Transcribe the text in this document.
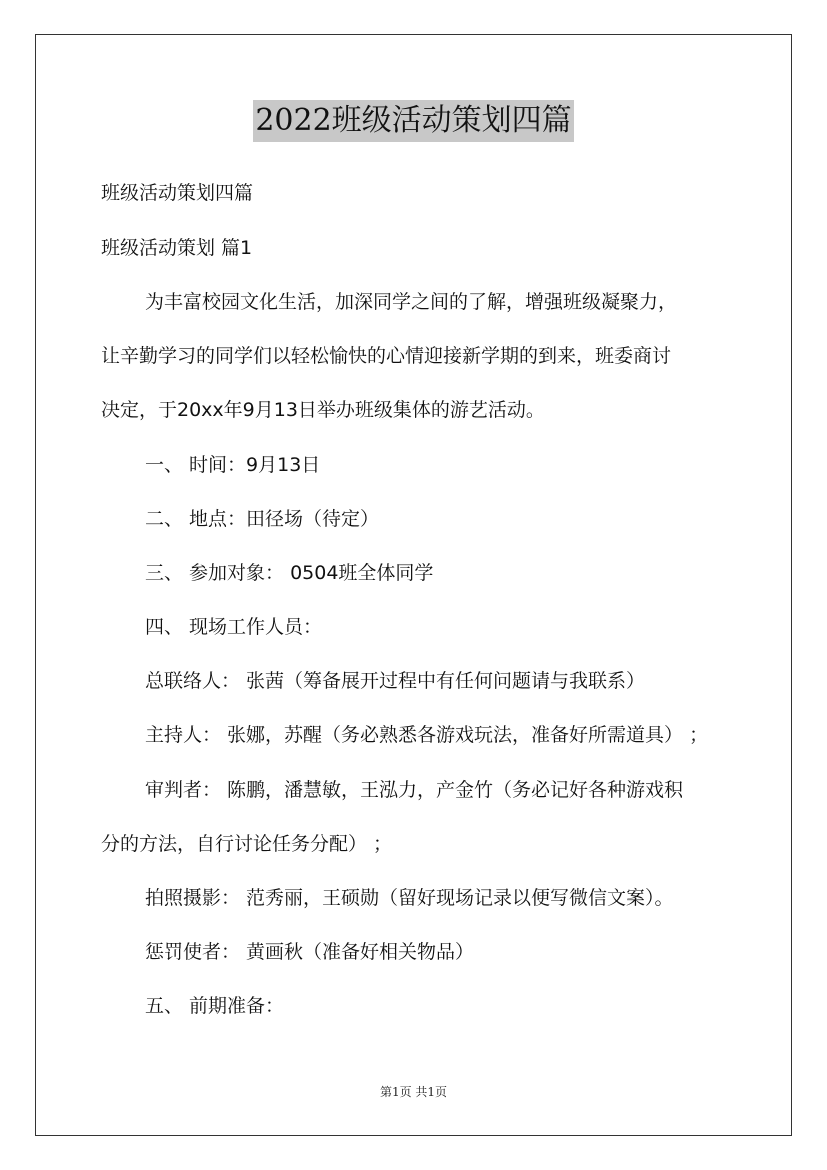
2022班级活动策划四篇
班级活动策划四篇
班级活动策划 篇1
为丰富校园文化生活，加深同学之间的了解，增强班级凝聚力，
让辛勤学习的同学们以轻松愉快的心情迎接新学期的到来，班委商讨
决定，于20xx年9月13日举办班级集体的游艺活动。
一、 时间：9月13日
二、 地点：田径场（待定）
三、 参加对象： 0504班全体同学
四、 现场工作人员：
总联络人： 张茜（筹备展开过程中有任何问题请与我联系）
主持人： 张娜，苏醒（务必熟悉各游戏玩法，准备好所需道具） ；
审判者： 陈鹏，潘慧敏，王泓力，产金竹（务必记好各种游戏积
分的方法，自行讨论任务分配） ；
拍照摄影： 范秀丽，王硕勋（留好现场记录以便写微信文案）。
惩罚使者： 黄画秋（准备好相关物品）
五、 前期准备：
第1页 共1页
